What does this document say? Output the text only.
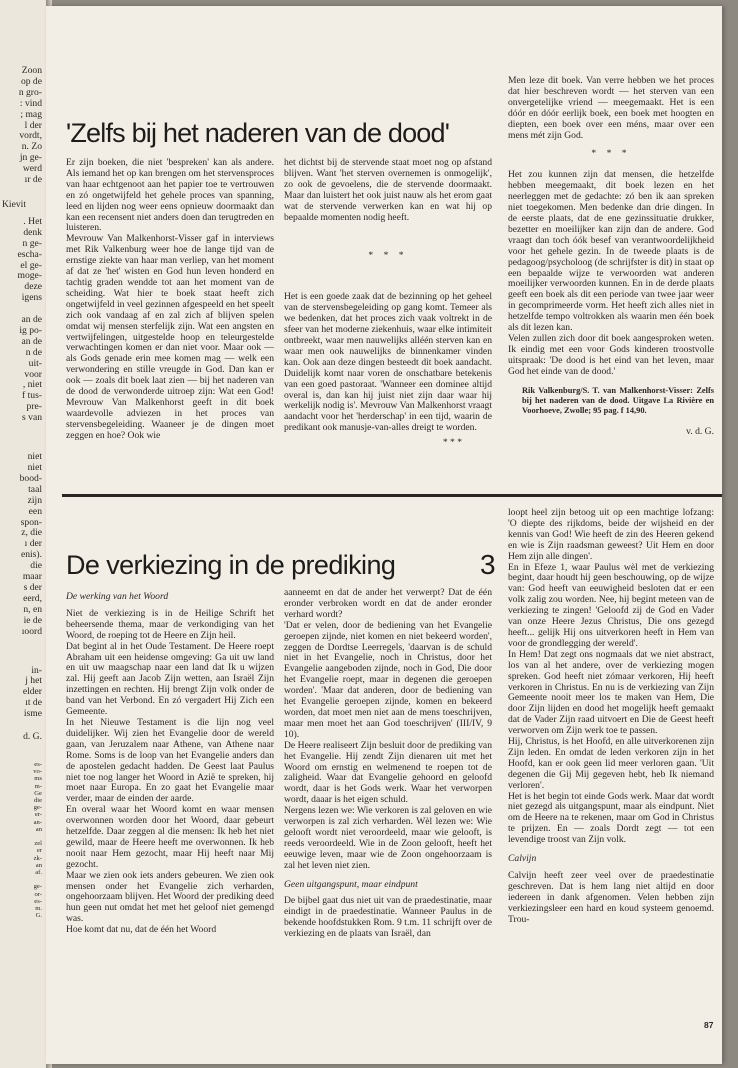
Zoon
op de
n gro-
: vind
; mag
l der
vordt,
n. Zo
jn ge-
werd
ır de
Kievit
. Het
denk
n ge-
escha-
el ge-
moge-
deze
igens

an de
ig po-
an de
n de
uit-
voor
, niet
f tus-
pre-
s van
niet
niet
bood-
taal
zijn
een
spon-
z, die
ı der
enis).
die
maar
s der
eerd,
n, en
ie de
ıoord
in-
j het
elder
ıt de
isme
d. G.
es-
vo-
ms
m-
Ge
die
ge-
er-
an-
an

zel
er
zk-
an
af.

ge-
or-
es-
m.
G.
'Zelfs bij het naderen van de dood'

Er zijn boeken, die niet 'bespreken' kan als andere. Als iemand het op kan brengen om het stervensproces van haar echtgenoot aan het papier toe te vertrouwen en zó ongetwijfeld het gehele proces van spanning, leed en lijden nog weer eens opnieuw doormaakt dan kan een recensent niet anders doen dan terugtreden en luisteren.

Mevrouw Van Malkenhorst-Visser gaf in interviews met Rik Valkenburg weer hoe de lange tijd van de ernstige ziekte van haar man verliep, van het moment af dat ze 'het' wisten en God hun leven honderd en tachtig graden wendde tot aan het moment van de scheiding. Wat hier te boek staat heeft zich ongetwijfeld in veel gezinnen afgespeeld en het speelt zich ook vandaag af en zal zich af blijven spelen omdat wij mensen sterfelijk zijn. Wat een angsten en vertwijfelingen, uitgestelde hoop en teleurgestelde verwachtingen komen er dan niet voor. Maar ook — als Gods genade erin mee komen mag — welk een verwondering en stille vreugde in God. Dan kan er ook — zoals dit boek laat zien — bij het naderen van de dood de verwonderde uitroep zijn: Wat een God! Mevrouw Van Malkenhorst geeft in dit boek waardevolle adviezen in het proces van stervensbegeleiding. Waaneer je de dingen moet zeggen en hoe? Ook wie

het dichtst bij de stervende staat moet nog op afstand blijven. Want 'het sterven overnemen is onmogelijk', zo ook de gevoelens, die de stervende doormaakt. Maar dan luistert het ook juist nauw als het erom gaat wat de stervende verwerken kan en wat hij op bepaalde momenten nodig heeft.

* * *

Het is een goede zaak dat de bezinning op het geheel van de stervensbegeleiding op gang komt. Temeer als we bedenken, dat het proces zich vaak voltrekt in de sfeer van het moderne ziekenhuis, waar elke intimiteit ontbreekt, waar men nauwelijks alléén sterven kan en waar men ook nauwelijks de binnenkamer vinden kan. Ook aan deze dingen besteedt dit boek aandacht. Duidelijk komt naar voren de onschatbare betekenis van een goed pastoraat. 'Wanneer een dominee altijd overal is, dan kan hij juist niet zijn daar waar hij werkelijk nodig is'. Mevrouw Van Malkenhorst vraagt aandacht voor het 'herderschap' in een tijd, waarin de predikant ook manusje-van-alles dreigt te worden.

* * *

Men leze dit boek. Van verre hebben we het proces dat hier beschreven wordt — het sterven van een onvergetelijke vriend — meegemaakt. Het is een dóór en dóór eerlijk boek, een boek met hoogten en diepten, een boek over een méns, maar over een mens mét zijn God.

* * *

Het zou kunnen zijn dat mensen, die hetzelfde hebben meegemaakt, dit boek lezen en het neerleggen met de gedachte: zó ben ik aan spreken niet toegekomen. Men bedenke dan drie dingen. In de eerste plaats, dat de ene gezinssituatie drukker, bezetter en moeilijker kan zijn dan de andere. God vraagt dan toch óók besef van verantwoordelijkheid voor het gehele gezin. In de tweede plaats is de pedagoog/psycholoog (de schrijfster is dit) in staat op een bepaalde wijze te verwoorden wat anderen moeilijker verwoorden kunnen. En in de derde plaats geeft een boek als dit een periode van twee jaar weer in gecomprimeerde vorm. Het heeft zich alles niet in hetzelfde tempo voltrokken als waarin men één boek als dit lezen kan.

Velen zullen zich door dit boek aangesproken weten. Ik eindig met een voor Gods kinderen troostvolle uitspraak: 'De dood is het eind van het leven, maar God het einde van de dood.'

Rik Valkenburg/S. T. van Malkenhorst-Visser: Zelfs bij het naderen van de dood. Uitgave La Rivière en Voorhoeve, Zwolle; 95 pag. f 14,90.
v. d. G.
De verkiezing in de prediking	3
De werking van het Woord

Niet de verkiezing is in de Heilige Schrift het beheersende thema, maar de verkondiging van het Woord, de roeping tot de Heere en Zijn heil.

Dat begint al in het Oude Testament. De Heere roept Abraham uit een heidense omgeving: Ga uit uw land en uit uw maagschap naar een land dat Ik u wijzen zal. Hij geeft aan Jacob Zijn wetten, aan Israël Zijn inzettingen en rechten. Hij brengt Zijn volk onder de band van het Verbond. En zó vergadert Hij Zich een Gemeente.

In het Nieuwe Testament is die lijn nog veel duidelijker. Wij zien het Evangelie door de wereld gaan, van Jeruzalem naar Athene, van Athene naar Rome. Soms is de loop van het Evangelie anders dan de apostelen gedacht hadden. De Geest laat Paulus niet toe nog langer het Woord in Azië te spreken, hij moet naar Europa. En zo gaat het Evangelie maar verder, maar de einden der aarde.

En overal waar het Woord komt en waar mensen overwonnen worden door het Woord, daar gebeurt hetzelfde. Daar zeggen al die mensen: Ik heb het niet gewild, maar de Heere heeft me overwonnen. Ik heb nooit naar Hem gezocht, maar Hij heeft naar Mij gezocht.

Maar we zien ook iets anders gebeuren. We zien ook mensen onder het Evangelie zich verharden, ongehoorzaam blijven. Het Woord der prediking deed hun geen nut omdat het met het geloof niet gemengd was.

Hoe komt dat nu, dat de één het Woord

aanneemt en dat de ander het verwerpt? Dat de één eronder verbroken wordt en dat de ander eronder verhard wordt?

'Dat er velen, door de bediening van het Evangelie geroepen zijnde, niet komen en niet bekeerd worden', zeggen de Dordtse Leerregels, 'daarvan is de schuld niet in het Evangelie, noch in Christus, door het Evangelie aangeboden zijnde, noch in God, Die door het Evangelie roept, maar in degenen die geroepen worden'. 'Maar dat anderen, door de bediening van het Evangelie geroepen zijnde, komen en bekeerd worden, dat moet men niet aan de mens toeschrijven, maar men moet het aan God toeschrijven' (III/IV, 9 10).

De Heere realiseert Zijn besluit door de prediking van het Evangelie. Hij zendt Zijn dienaren uit met het Woord om ernstig en welmenend te roepen tot de zaligheid. Waar dat Evangelie gehoord en geloofd wordt, daar is het Gods werk. Waar het verworpen wordt, daaar is het eigen schuld.

Nergens lezen we: Wie verkoren is zal geloven en wie verworpen is zal zich verharden. Wèl lezen we: Wie gelooft wordt niet veroordeeld, maar wie gelooft, is reeds veroordeeld. Wie in de Zoon gelooft, heeft het eeuwige leven, maar wie de Zoon ongehoorzaam is zal het leven niet zien.

Geen uitgangspunt, maar eindpunt

De bijbel gaat dus niet uit van de praedestinatie, maar eindigt in de praedestinatie. Wanneer Paulus in de bekende hoofdstukken Rom. 9 t.m. 11 schrijft over de verkiezing en de plaats van Israël, dan

loopt heel zijn betoog uit op een machtige lofzang: 'O diepte des rijkdoms, beide der wijsheid en der kennis van God! Wie heeft de zin des Heeren gekend en wie is Zijn raadsman geweest? Uit Hem en door Hem zijn alle dingen'.

En in Efeze 1, waar Paulus wèl met de verkiezing begint, daar houdt hij geen beschouwing, op de wijze van: God heeft van eeuwigheid besloten dat er een volk zalig zou worden. Nee, hij begint meteen van de verkiezing te zingen! 'Geloofd zij de God en Vader van onze Heere Jezus Christus, Die ons gezegd heeft... gelijk Hij ons uitverkoren heeft in Hem van voor de grondlegging der wereld'.

In Hem! Dat zegt ons nogmaals dat we niet abstract, los van al het andere, over de verkiezing mogen spreken. God heeft niet zómaar verkoren, Hij heeft verkoren in Christus. En nu is de verkiezing van Zijn Gemeente nooit meer los te maken van Hem, Die door Zijn lijden en dood het mogelijk heeft gemaakt dat de Vader Zijn raad uitvoert en Die de Geest heeft verworven om Zijn werk toe te passen.

Hij, Christus, is het Hoofd, en alle uitverkorenen zijn Zijn leden. En omdat de leden verkoren zijn in het Hoofd, kan er ook geen lid meer verloren gaan. 'Uit degenen die Gij Mij gegeven hebt, heb Ik niemand verloren'.

Het is het begin tot einde Gods werk. Maar dat wordt niet gezegd als uitgangspunt, maar als eindpunt. Niet om de Heere na te rekenen, maar om God in Christus te prijzen. En — zoals Dordt zegt — tot een levendige troost van Zijn volk.

Calvijn

Calvijn heeft zeer veel over de praedestinatie geschreven. Dat is hem lang niet altijd en door iedereen in dank afgenomen. Velen hebben zijn verkiezingsleer een hard en koud systeem genoemd. Trou-

87
